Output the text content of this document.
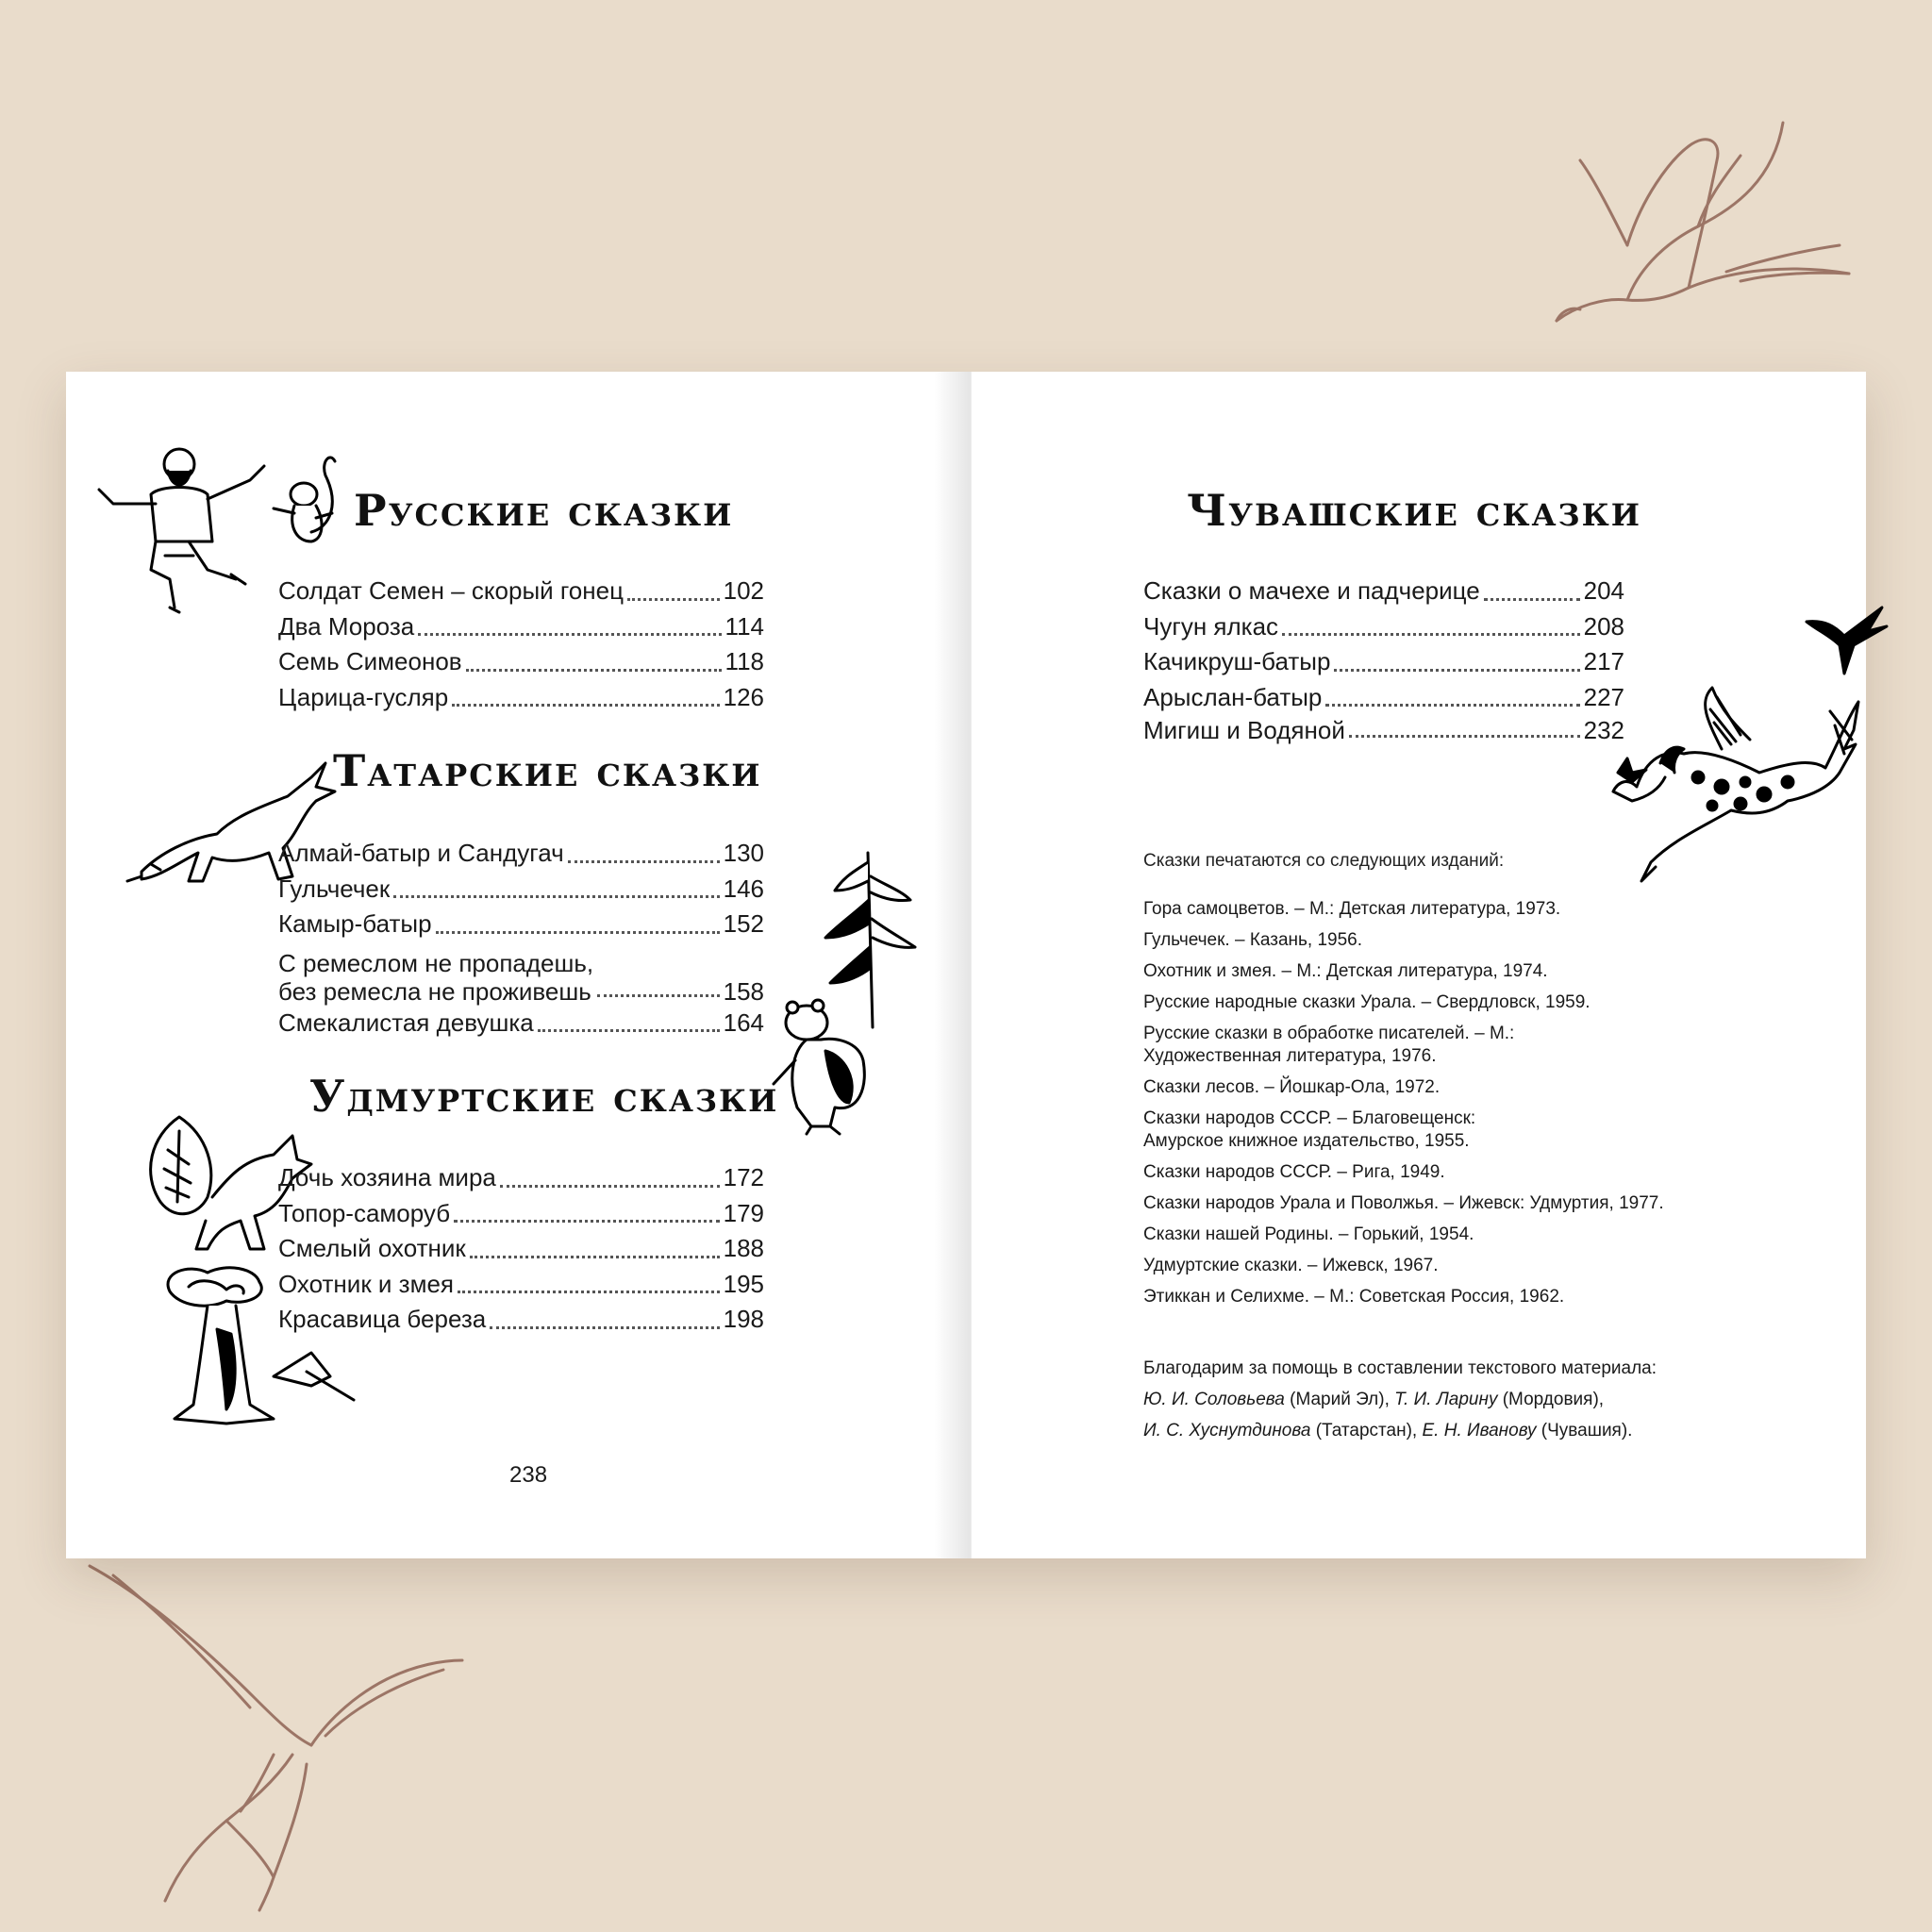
Русские сказки
Солдат Семен – скорый гонец	102
Два Мороза	114
Семь Симеонов	118
Царица-гусляр	126
Татарские сказки
Алмай-батыр и Сандугач	130
Гульчечек	146
Камыр-батыр	152
С ремеслом не пропадешь,
без ремесла не проживешь	158
Смекалистая девушка	164
Удмуртские сказки
Дочь хозяина мира	172
Топор-саморуб	179
Смелый охотник	188
Охотник и змея	195
Красавица береза	198
238
Чувашские сказки
Сказки о мачехе и падчерице	204
Чугун ялкас	208
Качикруш-батыр	217
Арыслан-батыр	227
Мигиш и Водяной	232
Сказки печатаются со следующих изданий:
Гора самоцветов. – М.: Детская литература, 1973.
Гульчечек. – Казань, 1956.
Охотник и змея. – М.: Детская литература, 1974.
Русские народные сказки Урала. – Свердловск, 1959.
Русские сказки в обработке писателей. – М.:
Художественная литература, 1976.
Сказки лесов. – Йошкар-Ола, 1972.
Сказки народов СССР. – Благовещенск:
Амурское книжное издательство, 1955.
Сказки народов СССР. – Рига, 1949.
Сказки народов Урала и Поволжья. – Ижевск: Удмуртия, 1977.
Сказки нашей Родины. – Горький, 1954.
Удмуртские сказки. – Ижевск, 1967.
Этиккан и Селихме. – М.: Советская Россия, 1962.
Благодарим за помощь в составлении текстового материала:
Ю. И. Соловьева (Марий Эл), Т. И. Ларину (Мордовия),
И. С. Хуснутдинова (Татарстан), Е. Н. Иванову (Чувашия).
